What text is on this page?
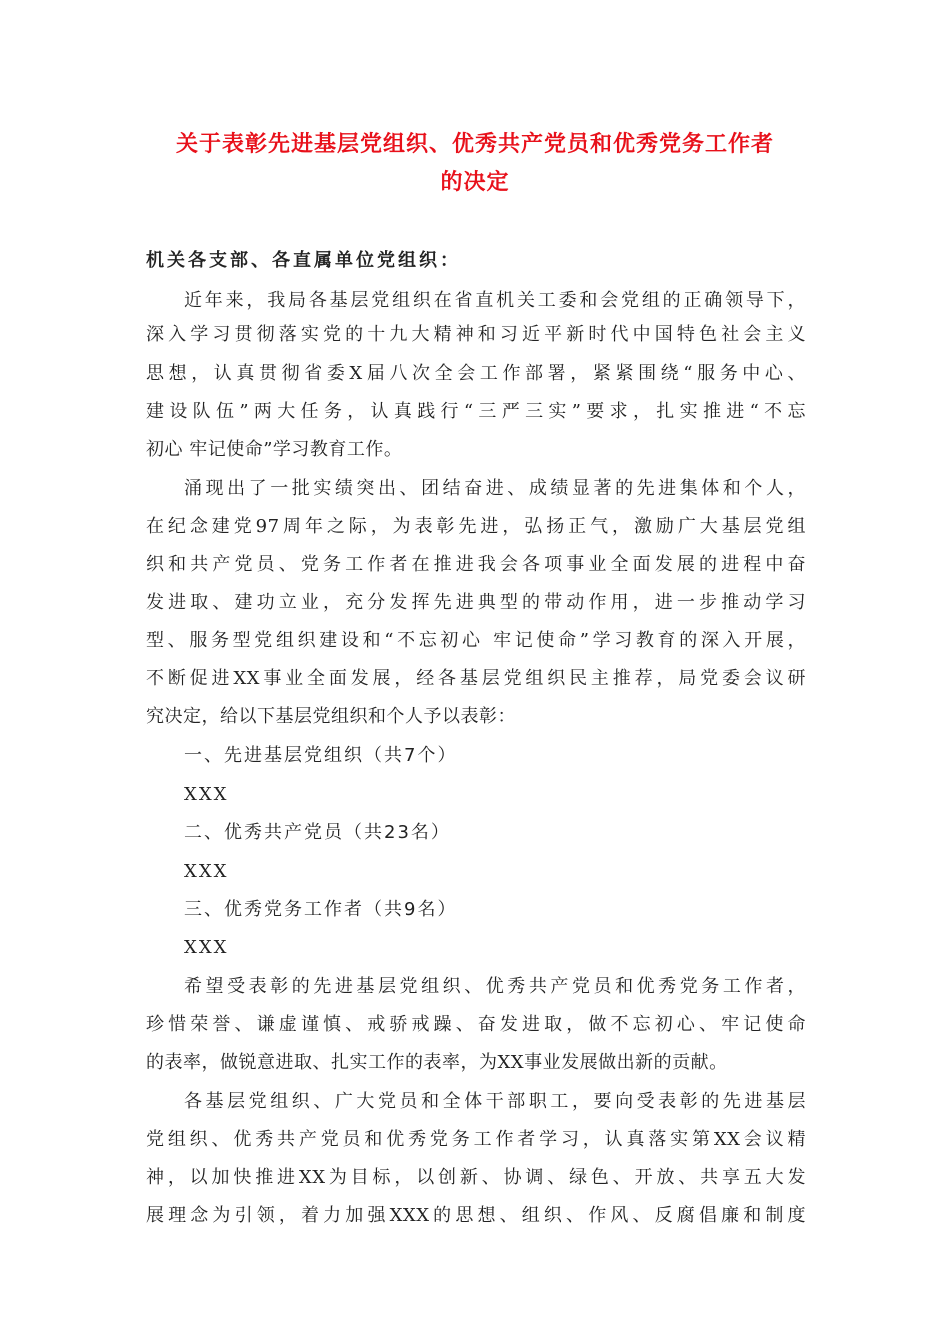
关于表彰先进基层党组织、优秀共产党员和优秀党务工作者
的决定
机关各支部、各直属单位党组织：
近年来，我局各基层党组织在省直机关工委和会党组的正确领导下，
深入学习贯彻落实党的十九大精神和习近平新时代中国特色社会主义
思想，认真贯彻省委X届八次全会工作部署，紧紧围绕“服务中心、
建设队伍”两大任务，认真践行“三严三实”要求，扎实推进“不忘
初心 牢记使命”学习教育工作。
涌现出了一批实绩突出、团结奋进、成绩显著的先进集体和个人，
在纪念建党97周年之际，为表彰先进，弘扬正气，激励广大基层党组
织和共产党员、党务工作者在推进我会各项事业全面发展的进程中奋
发进取、建功立业，充分发挥先进典型的带动作用，进一步推动学习
型、服务型党组织建设和“不忘初心 牢记使命”学习教育的深入开展，
不断促进XX事业全面发展，经各基层党组织民主推荐，局党委会议研
究决定，给以下基层党组织和个人予以表彰：
一、先进基层党组织（共7个）
XXX
二、优秀共产党员（共23名）
XXX
三、优秀党务工作者（共9名）
XXX
希望受表彰的先进基层党组织、优秀共产党员和优秀党务工作者，
珍惜荣誉、谦虚谨慎、戒骄戒躁、奋发进取，做不忘初心、牢记使命
的表率，做锐意进取、扎实工作的表率，为XX事业发展做出新的贡献。
各基层党组织、广大党员和全体干部职工，要向受表彰的先进基层
党组织、优秀共产党员和优秀党务工作者学习，认真落实第XX会议精
神，以加快推进XX为目标，以创新、协调、绿色、开放、共享五大发
展理念为引领，着力加强XXX的思想、组织、作风、反腐倡廉和制度
